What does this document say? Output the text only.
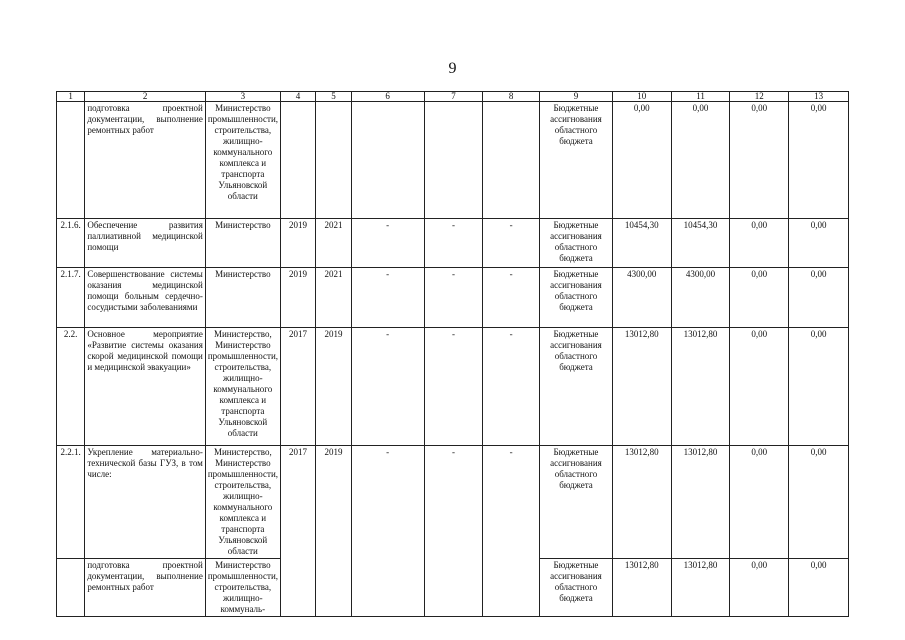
9
1	2	3	4	5	6	7	8	9	10	11	12	13
	подготовка проектной документации, выполнение ремонтных работ	Министерство промышленности, строительства, жилищно-коммунального комплекса и транспорта Ульяновской области						Бюджетные ассигнования областного бюджета	0,00	0,00	0,00	0,00
2.1.6.	Обеспечение развития паллиативной медицинской помощи	Министерство	2019	2021	-	-	-	Бюджетные ассигнования областного бюджета	10454,30	10454,30	0,00	0,00
2.1.7.	Совершенствование системы оказания медицинской помощи больным сердечно-сосудистыми заболеваниями	Министерство	2019	2021	-	-	-	Бюджетные ассигнования областного бюджета	4300,00	4300,00	0,00	0,00
2.2.	Основное мероприятие «Развитие системы оказания скорой медицинской помощи и медицинской эвакуации»	Министерство, Министерство промышленности, строительства, жилищно-коммунального комплекса и транспорта Ульяновской области	2017	2019	-	-	-	Бюджетные ассигнования областного бюджета	13012,80	13012,80	0,00	0,00
2.2.1.	Укрепление материально-технической базы ГУЗ, в том числе:	Министерство, Министерство промышленности, строительства, жилищно-коммунального комплекса и транспорта Ульяновской области	2017	2019	-	-	-	Бюджетные ассигнования областного бюджета	13012,80	13012,80	0,00	0,00
	подготовка проектной документации, выполнение ремонтных работ	Министерство промышленности, строительства, жилищно-коммуналь-						Бюджетные ассигнования областного бюджета	13012,80	13012,80	0,00	0,00
